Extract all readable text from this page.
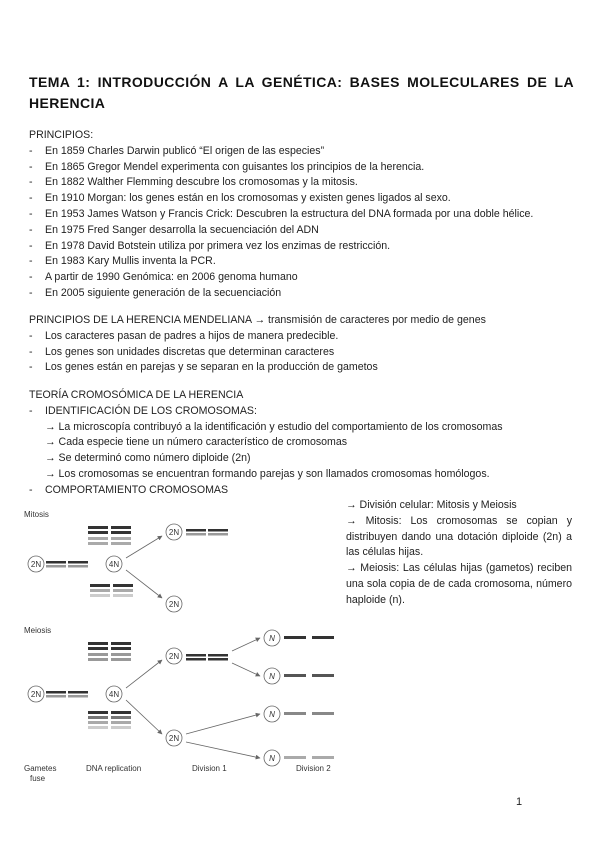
TEMA 1: INTRODUCCIÓN A LA GENÉTICA: BASES MOLECULARES DE LA HERENCIA
PRINCIPIOS:
- En 1859 Charles Darwin publicó “El origen de las especies”
- En 1865 Gregor Mendel experimenta con guisantes los principios de la herencia.
- En 1882 Walther Flemming descubre los cromosomas y la mitosis.
- En 1910 Morgan: los genes están en los cromosomas y existen genes ligados al sexo.
- En 1953 James Watson y Francis Crick: Descubren la estructura del DNA formada por una doble hélice.
- En 1975 Fred Sanger desarrolla la secuenciación del ADN
- En 1978 David Botstein utiliza por primera vez los enzimas de restricción.
- En 1983 Kary Mullis inventa la PCR.
- A partir de 1990 Genómica: en 2006 genoma humano
- En 2005 siguiente generación de la secuenciación
PRINCIPIOS DE LA HERENCIA MENDELIANA → transmisión de caracteres por medio de genes
- Los caracteres pasan de padres a hijos de manera predecible.
- Los genes son unidades discretas que determinan caracteres
- Los genes están en parejas y se separan en la producción de gametos
TEORÍA CROMOSÓMICA DE LA HERENCIA
- IDENTIFICACIÓN DE LOS CROMOSOMAS:
→ La microscopía contribuyó a la identificación y estudio del comportamiento de los cromosomas
→ Cada especie tiene un número característico de cromosomas
→ Se determinó como número diploide (2n)
→ Los cromosomas se encuentran formando parejas y son llamados cromosomas homólogos.
- COMPORTAMIENTO CROMOSOMAS

→ División celular: Mitosis y Meiosis

→ Mitosis: Los cromosomas se copian y distribuyen dando una dotación diploide (2n) a las células hijas.

→ Meiosis: Las células hijas (gametos) reciben una sola copia de de cada cromosoma, número haploide (n).

Mitosis
Meiosis
2N	4N
2N
2N
2N	4N
2N
2N
N
N
N
N
Gametes
fuse
DNA replication	Division 1	Division 2
1
